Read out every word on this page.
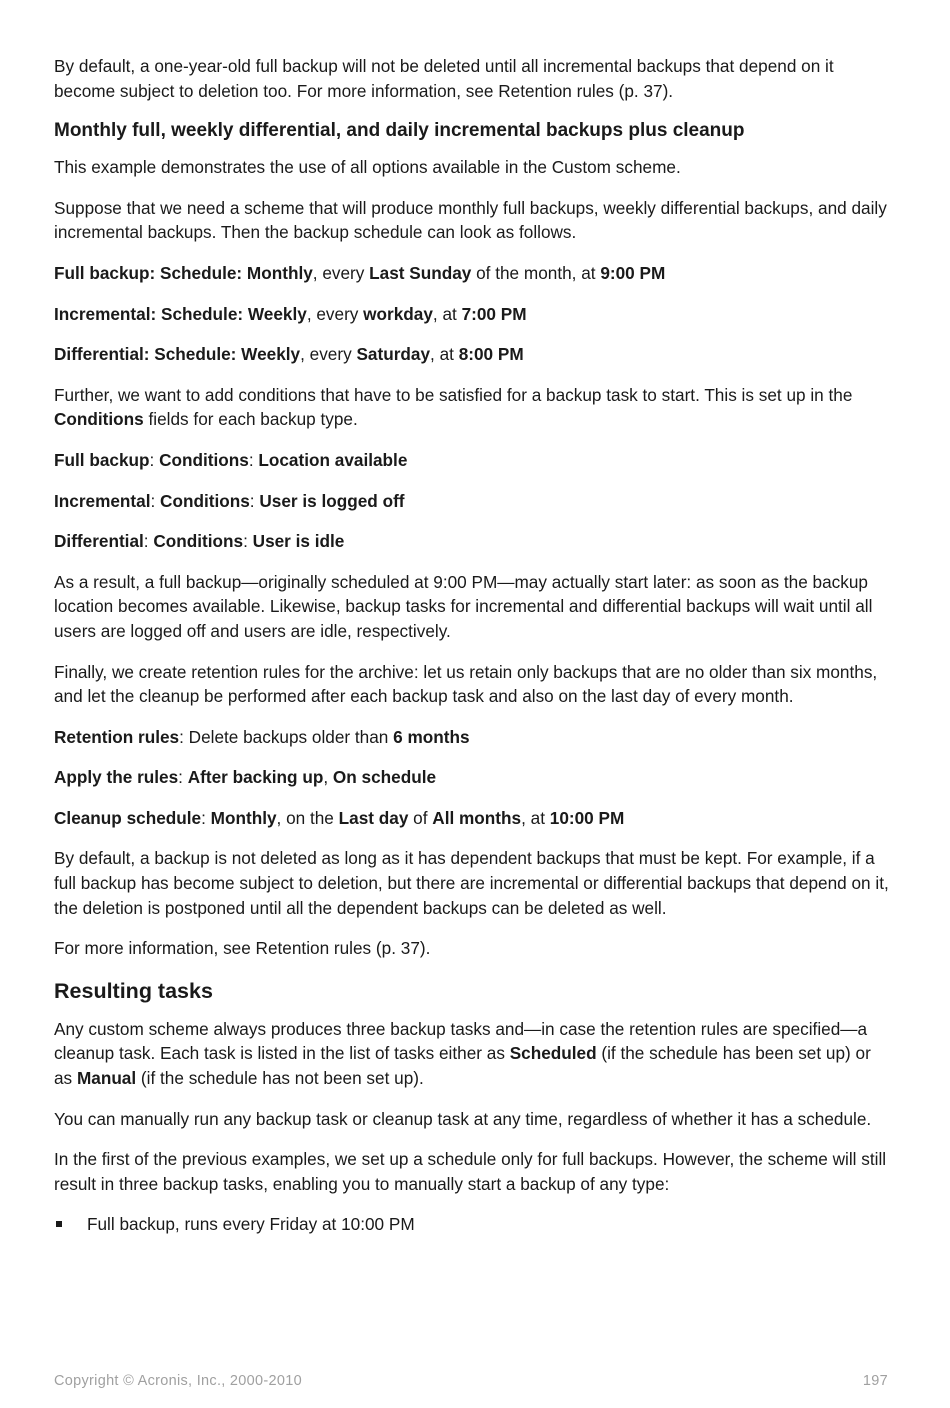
By default, a one-year-old full backup will not be deleted until all incremental backups that depend on it become subject to deletion too. For more information, see Retention rules (p. 37).

Monthly full, weekly differential, and daily incremental backups plus cleanup

This example demonstrates the use of all options available in the Custom scheme.

Suppose that we need a scheme that will produce monthly full backups, weekly differential backups, and daily incremental backups. Then the backup schedule can look as follows.

Full backup: Schedule: Monthly, every Last Sunday of the month, at 9:00 PM

Incremental: Schedule: Weekly, every workday, at 7:00 PM

Differential: Schedule: Weekly, every Saturday, at 8:00 PM

Further, we want to add conditions that have to be satisfied for a backup task to start. This is set up in the Conditions fields for each backup type.

Full backup: Conditions: Location available

Incremental: Conditions: User is logged off

Differential: Conditions: User is idle

As a result, a full backup—originally scheduled at 9:00 PM—may actually start later: as soon as the backup location becomes available. Likewise, backup tasks for incremental and differential backups will wait until all users are logged off and users are idle, respectively.

Finally, we create retention rules for the archive: let us retain only backups that are no older than six months, and let the cleanup be performed after each backup task and also on the last day of every month.

Retention rules: Delete backups older than 6 months

Apply the rules: After backing up, On schedule

Cleanup schedule: Monthly, on the Last day of All months, at 10:00 PM

By default, a backup is not deleted as long as it has dependent backups that must be kept. For example, if a full backup has become subject to deletion, but there are incremental or differential backups that depend on it, the deletion is postponed until all the dependent backups can be deleted as well.

For more information, see Retention rules (p. 37).

Resulting tasks

Any custom scheme always produces three backup tasks and—in case the retention rules are specified—a cleanup task. Each task is listed in the list of tasks either as Scheduled (if the schedule has been set up) or as Manual (if the schedule has not been set up).

You can manually run any backup task or cleanup task at any time, regardless of whether it has a schedule.

In the first of the previous examples, we set up a schedule only for full backups. However, the scheme will still result in three backup tasks, enabling you to manually start a backup of any type:

Full backup, runs every Friday at 10:00 PM
Copyright © Acronis, Inc., 2000-2010	197
